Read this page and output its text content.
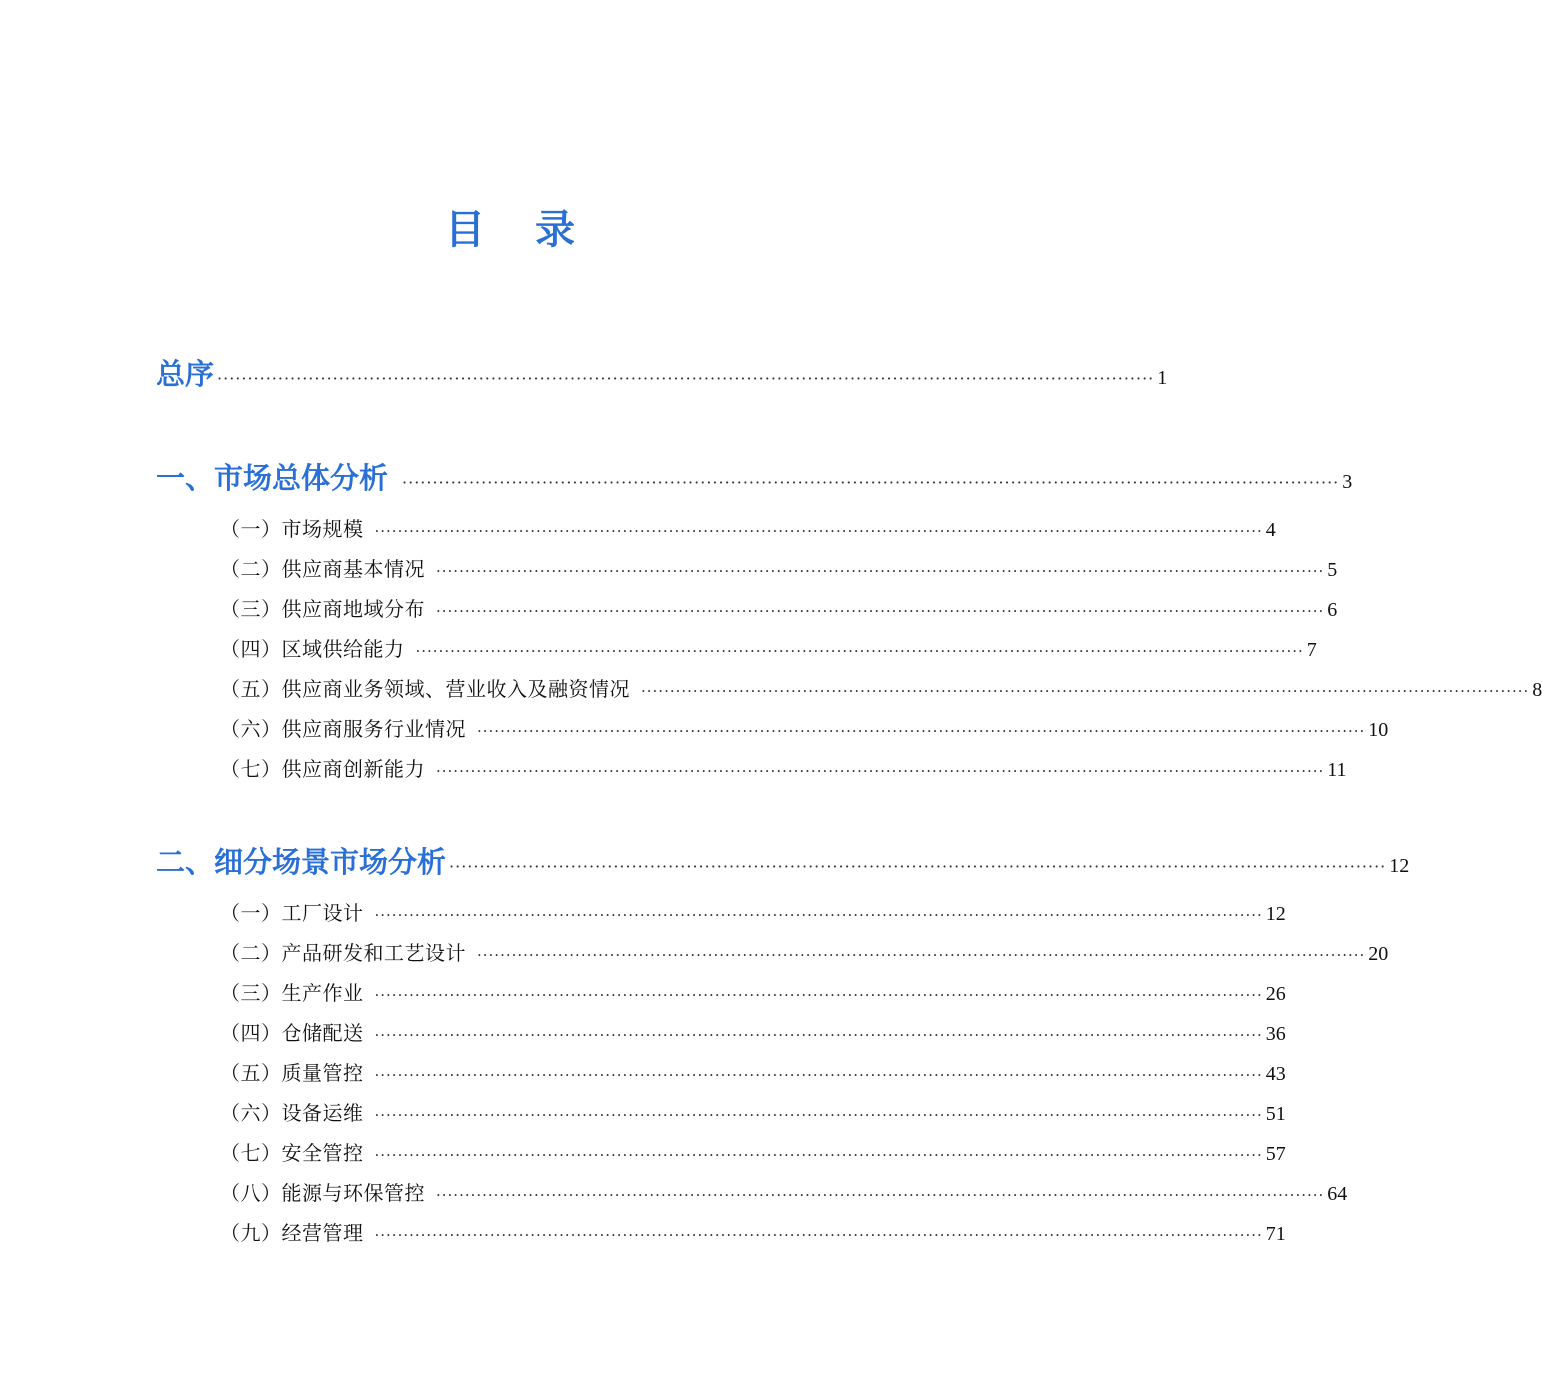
目 录
总序 ·························································································································································· 1
一、市场总体分析 ·························································································································································· 3
（一）市场规模 ·························································································································································· 4
（二）供应商基本情况 ·························································································································································· 5
（三）供应商地域分布 ·························································································································································· 6
（四）区域供给能力 ·························································································································································· 7
（五）供应商业务领域、营业收入及融资情况 ·························································································································································· 8
（六）供应商服务行业情况 ·························································································································································· 10
（七）供应商创新能力 ·························································································································································· 11
二、细分场景市场分析 ·························································································································································· 12
（一）工厂设计 ·························································································································································· 12
（二）产品研发和工艺设计 ·························································································································································· 20
（三）生产作业 ·························································································································································· 26
（四）仓储配送 ·························································································································································· 36
（五）质量管控 ·························································································································································· 43
（六）设备运维 ·························································································································································· 51
（七）安全管控 ·························································································································································· 57
（八）能源与环保管控 ·························································································································································· 64
（九）经营管理 ·························································································································································· 71
